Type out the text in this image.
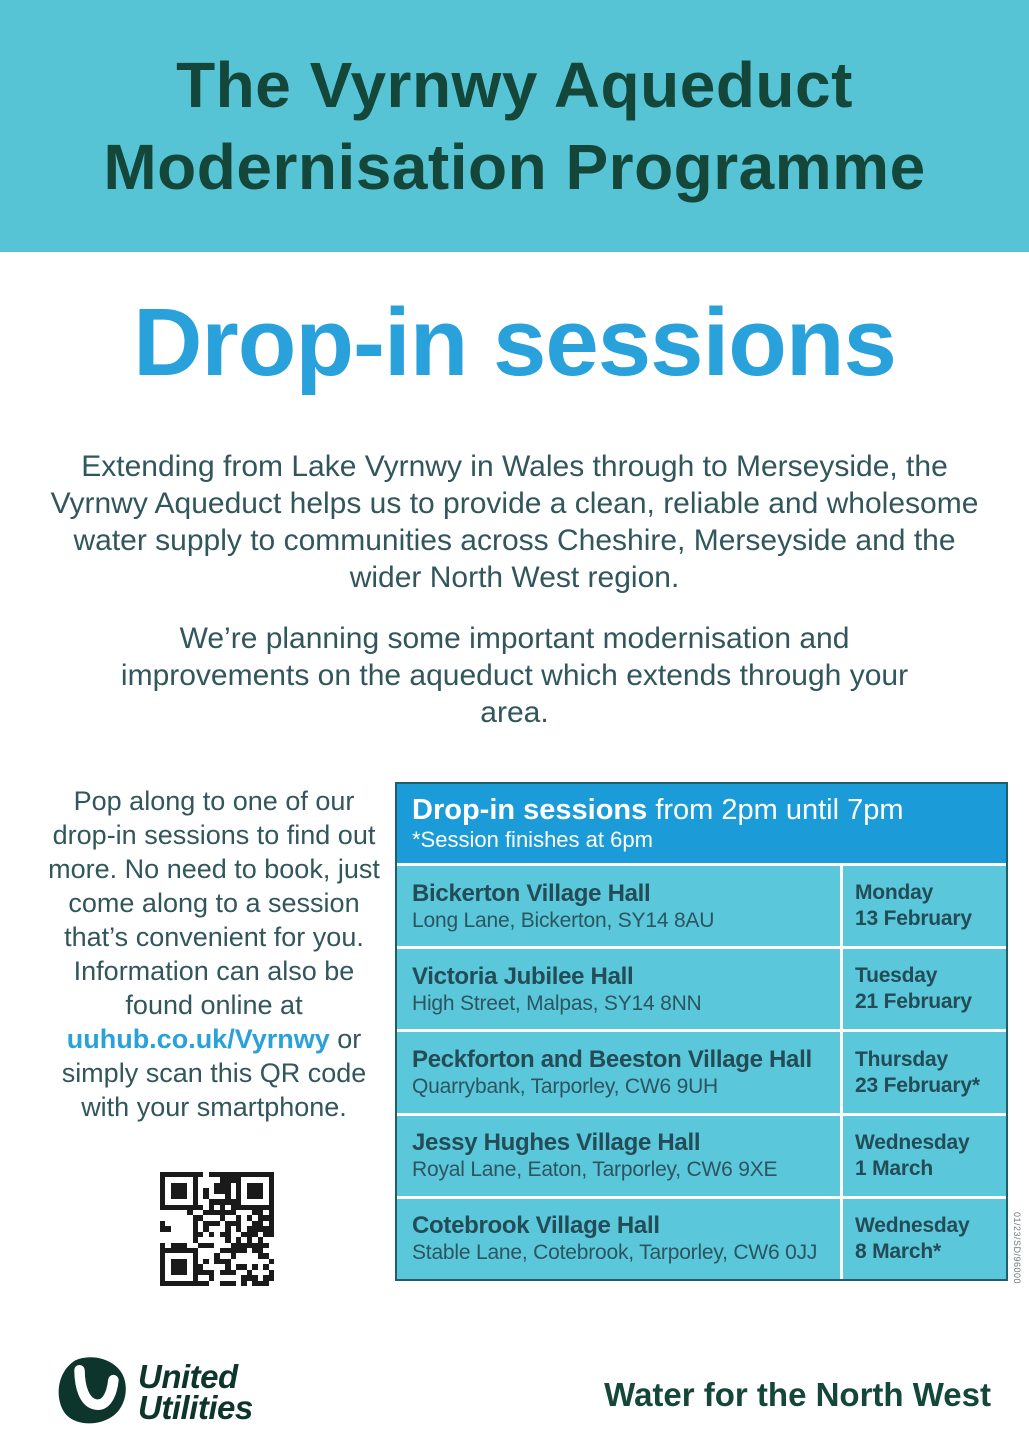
The Vyrnwy Aqueduct
Modernisation Programme
Drop-in sessions

Extending from Lake Vyrnwy in Wales through to Merseyside, the Vyrnwy Aqueduct helps us to provide a clean, reliable and wholesome water supply to communities across Cheshire, Merseyside and the wider North West region.

We’re planning some important modernisation and improvements on the aqueduct which extends through your area.

Pop along to one of our drop-in sessions to find out more. No need to book, just come along to a session that’s convenient for you. Information can also be found online at uuhub.co.uk/Vyrnwy or simply scan this QR code with your smartphone.
Drop-in sessions from 2pm until 7pm
*Session finishes at 6pm
Bickerton Village Hall
Long Lane, Bickerton, SY14 8AU
Monday
13 February
Victoria Jubilee Hall
High Street, Malpas, SY14 8NN
Tuesday
21 February
Peckforton and Beeston Village Hall
Quarrybank, Tarporley, CW6 9UH
Thursday
23 February*
Jessy Hughes Village Hall
Royal Lane, Eaton, Tarporley, CW6 9XE
Wednesday
1 March
Cotebrook Village Hall
Stable Lane, Cotebrook, Tarporley, CW6 0JJ
Wednesday
8 March*	01/23/SD/96000
United
Utilities	Water for the North West
